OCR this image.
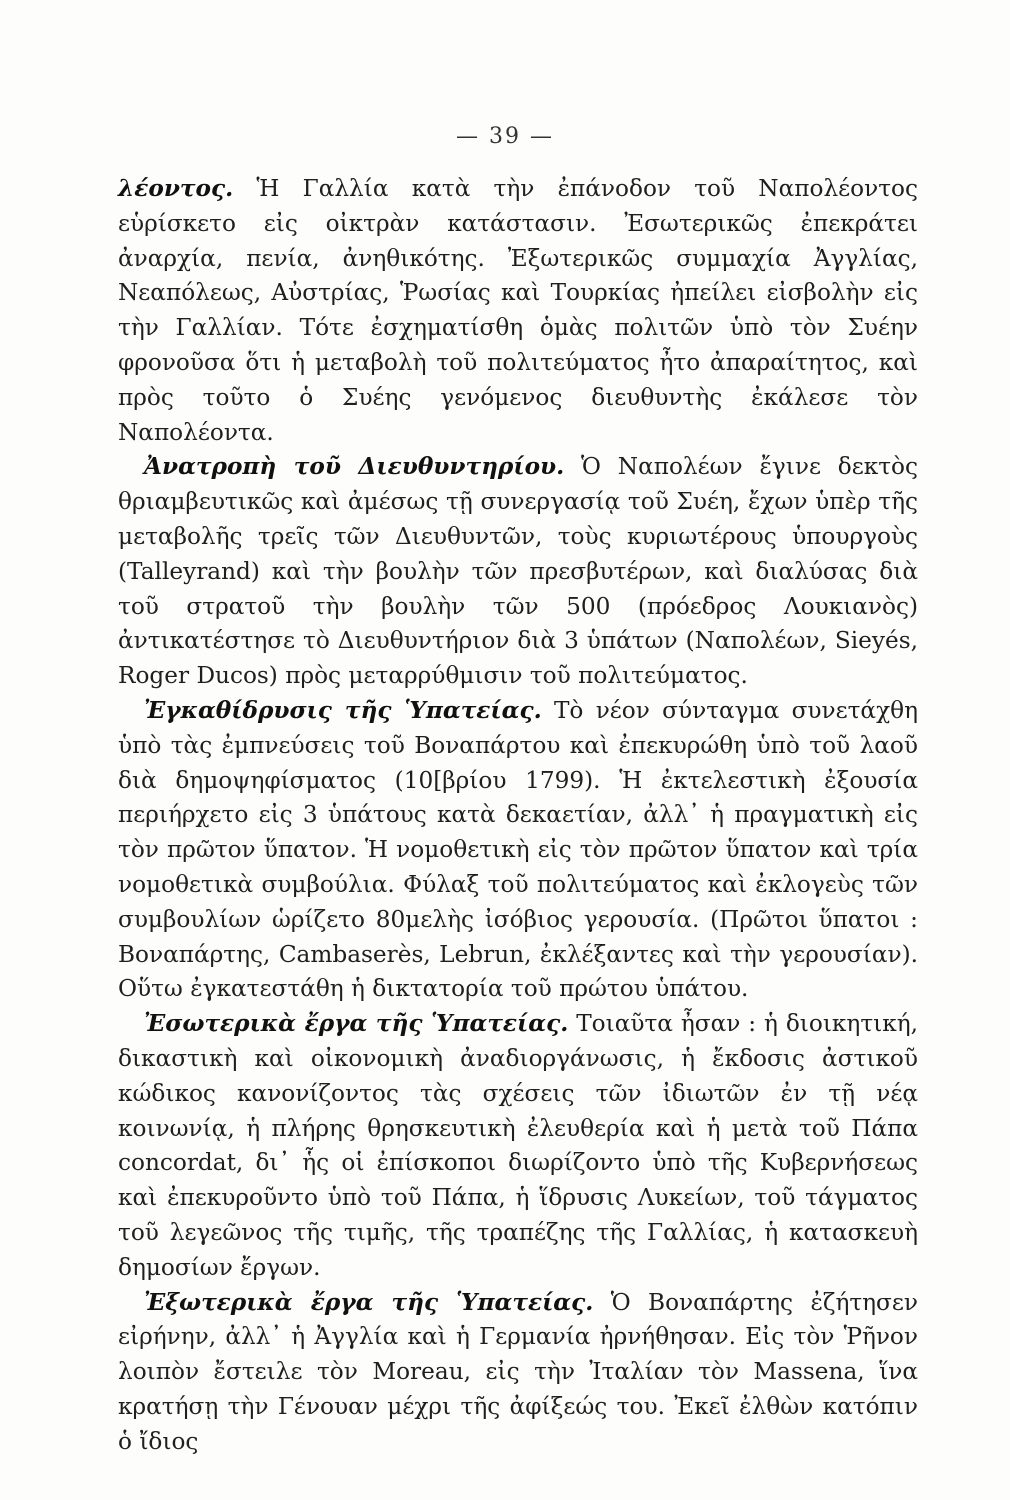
— 39 —

λέοντος. Ἡ Γαλλία κατὰ τὴν ἐπάνοδον τοῦ Ναπολέοντος εὑρίσκετο εἰς οἰκτρὰν κατάστασιν. Ἐσωτερικῶς ἐπεκράτει ἀναρχία, πενία, ἀνηθικότης. Ἐξωτερικῶς συμμαχία Ἀγγλίας, Νεαπόλεως, Αὐστρίας, Ῥωσίας καὶ Τουρκίας ἠπείλει εἰσβολὴν εἰς τὴν Γαλλίαν. Τότε ἐσχηματίσθη ὁμὰς πολιτῶν ὑπὸ τὸν Συέην φρονοῦσα ὅτι ἡ μεταβολὴ τοῦ πολιτεύματος ἦτο ἀπαραίτητος, καὶ πρὸς τοῦτο ὁ Συέης γενόμενος διευθυντὴς ἐκάλεσε τὸν Ναπολέοντα.

Ἀνατροπὴ τοῦ Διευθυντηρίου. Ὁ Ναπολέων ἔγινε δεκτὸς θριαμβευτικῶς καὶ ἀμέσως τῇ συνεργασίᾳ τοῦ Συέη, ἔχων ὑπὲρ τῆς μεταβολῆς τρεῖς τῶν Διευθυντῶν, τοὺς κυριωτέρους ὑπουργοὺς (Talleyrand) καὶ τὴν βουλὴν τῶν πρεσβυτέρων, καὶ διαλύσας διὰ τοῦ στρατοῦ τὴν βουλὴν τῶν 500 (πρόεδρος Λουκιανὸς) ἀντικατέστησε τὸ Διευθυντήριον διὰ 3 ὑπάτων (Ναπολέων, Sieyés, Roger Ducos) πρὸς μεταρρύθμισιν τοῦ πολιτεύματος.

Ἐγκαθίδρυσις τῆς Ὑπατείας. Τὸ νέον σύνταγμα συνετάχθη ὑπὸ τὰς ἐμπνεύσεις τοῦ Βοναπάρτου καὶ ἐπεκυρώθη ὑπὸ τοῦ λαοῦ διὰ δημοψηφίσματος (10[βρίου 1799). Ἡ ἐκτελεστικὴ ἐξουσία περιήρχετο εἰς 3 ὑπάτους κατὰ δεκαετίαν, ἀλλ᾽ ἡ πραγματικὴ εἰς τὸν πρῶτον ὕπατον. Ἡ νομοθετικὴ εἰς τὸν πρῶτον ὕπατον καὶ τρία νομοθετικὰ συμβούλια. Φύλαξ τοῦ πολιτεύματος καὶ ἐκλογεὺς τῶν συμβουλίων ὡρίζετο 80μελὴς ἰσόβιος γερουσία. (Πρῶτοι ὕπατοι : Βοναπάρτης, Cambaserès, Lebrun, ἐκλέξαντες καὶ τὴν γερουσίαν). Οὕτω ἐγκατεστάθη ἡ δικτατορία τοῦ πρώτου ὑπάτου.

Ἐσωτερικὰ ἔργα τῆς Ὑπατείας. Τοιαῦτα ἦσαν : ἡ διοικητική, δικαστικὴ καὶ οἰκονομικὴ ἀναδιοργάνωσις, ἡ ἔκδοσις ἀστικοῦ κώδικος κανονίζοντος τὰς σχέσεις τῶν ἰδιωτῶν ἐν τῇ νέᾳ κοινωνίᾳ, ἡ πλήρης θρησκευτικὴ ἐλευθερία καὶ ἡ μετὰ τοῦ Πάπα concordat, δι᾽ ἧς οἱ ἐπίσκοποι διωρίζοντο ὑπὸ τῆς Κυβερνήσεως καὶ ἐπεκυροῦντο ὑπὸ τοῦ Πάπα, ἡ ἵδρυσις Λυκείων, τοῦ τάγματος τοῦ λεγεῶνος τῆς τιμῆς, τῆς τραπέζης τῆς Γαλλίας, ἡ κατασκευὴ δημοσίων ἔργων.

Ἐξωτερικὰ ἔργα τῆς Ὑπατείας. Ὁ Βοναπάρτης ἐζήτησεν εἰρήνην, ἀλλ᾽ ἡ Ἀγγλία καὶ ἡ Γερμανία ἠρνήθησαν. Εἰς τὸν Ῥῆνον λοιπὸν ἔστειλε τὸν Moreau, εἰς τὴν Ἰταλίαν τὸν Massena, ἵνα κρατήσῃ τὴν Γένουαν μέχρι τῆς ἀφίξεώς του. Ἐκεῖ ἐλθὼν κατόπιν ὁ ἴδιος
